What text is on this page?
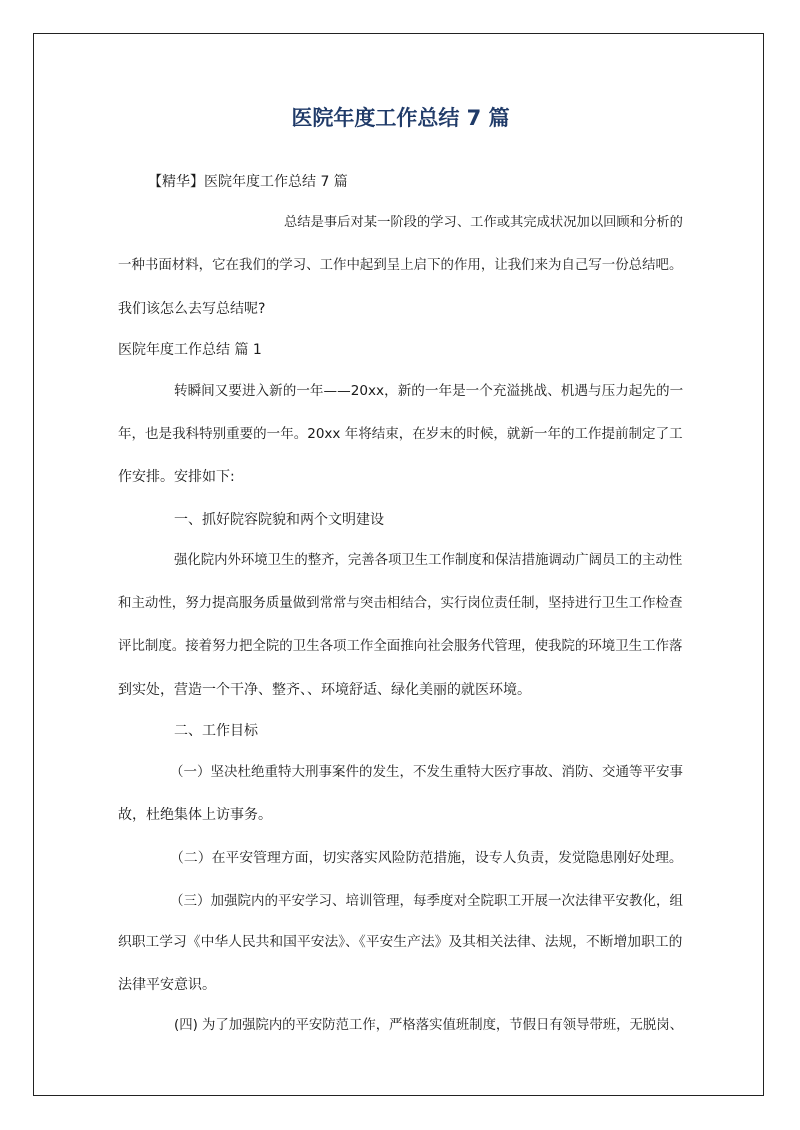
医院年度工作总结 7 篇
【精华】医院年度工作总结 7 篇
总结是事后对某一阶段的学习、工作或其完成状况加以回顾和分析的
一种书面材料，它在我们的学习、工作中起到呈上启下的作用，让我们来为自己写一份总结吧。
我们该怎么去写总结呢?
医院年度工作总结 篇 1
转瞬间又要进入新的一年——20xx，新的一年是一个充溢挑战、机遇与压力起先的一
年，也是我科特别重要的一年。20xx 年将结束，在岁末的时候，就新一年的工作提前制定了工
作安排。安排如下:
一、抓好院容院貌和两个文明建设
强化院内外环境卫生的整齐，完善各项卫生工作制度和保洁措施调动广阔员工的主动性
和主动性，努力提高服务质量做到常常与突击相结合，实行岗位责任制，坚持进行卫生工作检查
评比制度。接着努力把全院的卫生各项工作全面推向社会服务代管理，使我院的环境卫生工作落
到实处，营造一个干净、整齐、、环境舒适、绿化美丽的就医环境。
二、工作目标
（一）坚决杜绝重特大刑事案件的发生，不发生重特大医疗事故、消防、交通等平安事
故，杜绝集体上访事务。
（二）在平安管理方面，切实落实风险防范措施，设专人负责，发觉隐患刚好处理。
（三）加强院内的平安学习、培训管理，每季度对全院职工开展一次法律平安教化，组
织职工学习《中华人民共和国平安法》、《平安生产法》及其相关法律、法规，不断增加职工的
法律平安意识。
(四) 为了加强院内的平安防范工作，严格落实值班制度，节假日有领导带班，无脱岗、
